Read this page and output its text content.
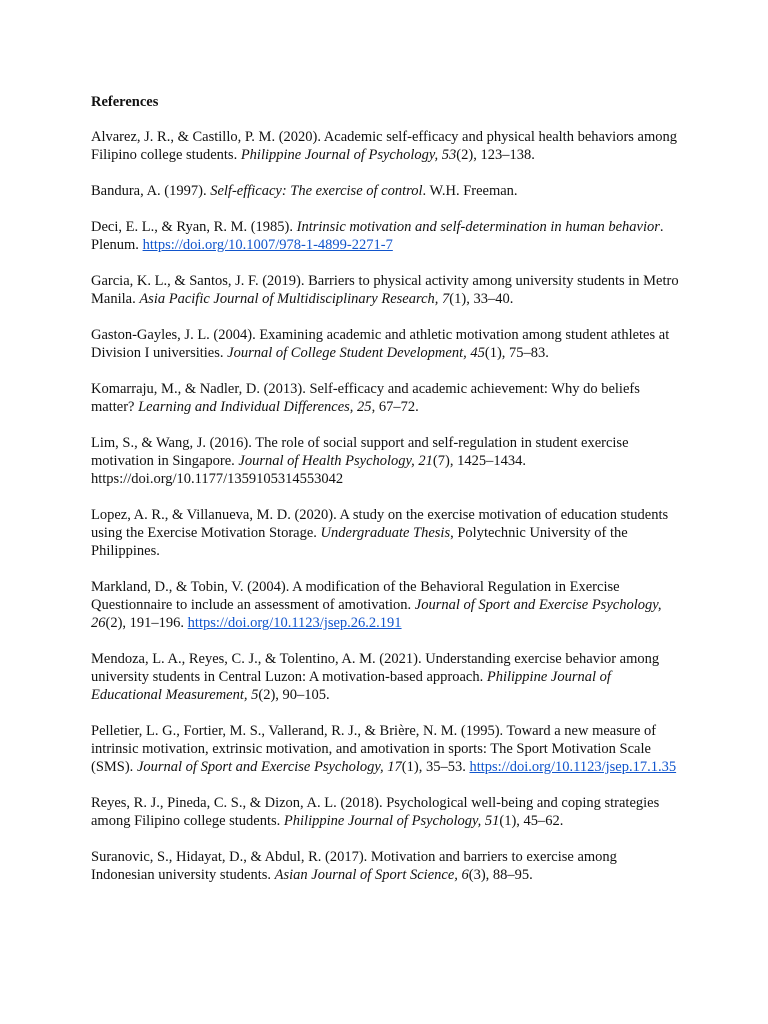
References
Alvarez, J. R., & Castillo, P. M. (2020). Academic self-efficacy and physical health behaviors among Filipino college students. Philippine Journal of Psychology, 53(2), 123–138.
Bandura, A. (1997). Self-efficacy: The exercise of control. W.H. Freeman.
Deci, E. L., & Ryan, R. M. (1985). Intrinsic motivation and self-determination in human behavior. Plenum. https://doi.org/10.1007/978-1-4899-2271-7
Garcia, K. L., & Santos, J. F. (2019). Barriers to physical activity among university students in Metro Manila. Asia Pacific Journal of Multidisciplinary Research, 7(1), 33–40.
Gaston-Gayles, J. L. (2004). Examining academic and athletic motivation among student athletes at Division I universities. Journal of College Student Development, 45(1), 75–83.
Komarraju, M., & Nadler, D. (2013). Self-efficacy and academic achievement: Why do beliefs matter? Learning and Individual Differences, 25, 67–72.
Lim, S., & Wang, J. (2016). The role of social support and self-regulation in student exercise motivation in Singapore. Journal of Health Psychology, 21(7), 1425–1434. https://doi.org/10.1177/1359105314553042
Lopez, A. R., & Villanueva, M. D. (2020). A study on the exercise motivation of education students using the Exercise Motivation Storage. Undergraduate Thesis, Polytechnic University of the Philippines.
Markland, D., & Tobin, V. (2004). A modification of the Behavioral Regulation in Exercise Questionnaire to include an assessment of amotivation. Journal of Sport and Exercise Psychology, 26(2), 191–196. https://doi.org/10.1123/jsep.26.2.191
Mendoza, L. A., Reyes, C. J., & Tolentino, A. M. (2021). Understanding exercise behavior among university students in Central Luzon: A motivation-based approach. Philippine Journal of Educational Measurement, 5(2), 90–105.
Pelletier, L. G., Fortier, M. S., Vallerand, R. J., & Brière, N. M. (1995). Toward a new measure of intrinsic motivation, extrinsic motivation, and amotivation in sports: The Sport Motivation Scale (SMS). Journal of Sport and Exercise Psychology, 17(1), 35–53. https://doi.org/10.1123/jsep.17.1.35
Reyes, R. J., Pineda, C. S., & Dizon, A. L. (2018). Psychological well-being and coping strategies among Filipino college students. Philippine Journal of Psychology, 51(1), 45–62.
Suranovic, S., Hidayat, D., & Abdul, R. (2017). Motivation and barriers to exercise among Indonesian university students. Asian Journal of Sport Science, 6(3), 88–95.
